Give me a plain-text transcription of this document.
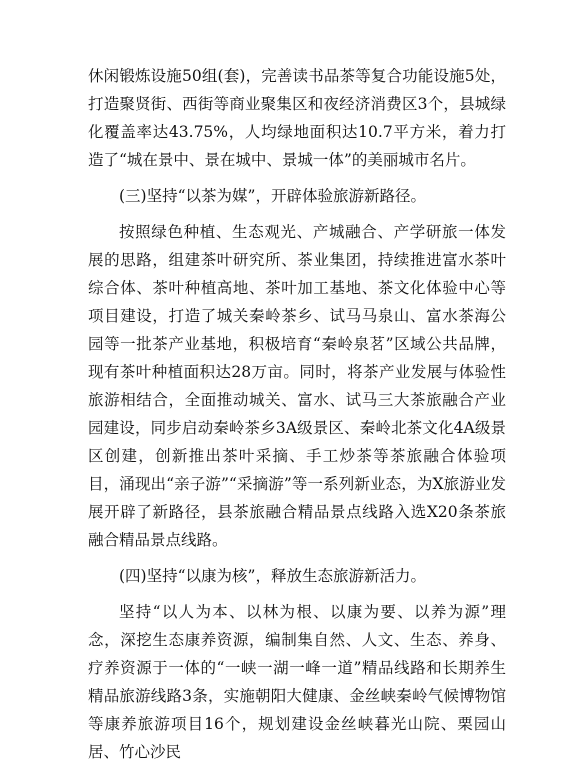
休闲锻炼设施50组(套)，完善读书品茶等复合功能设施5处，打造聚贤街、西街等商业聚集区和夜经济消费区3个，县城绿化覆盖率达43.75%，人均绿地面积达10.7平方米，着力打造了“城在景中、景在城中、景城一体”的美丽城市名片。

(三)坚持“以茶为媒”，开辟体验旅游新路径。

按照绿色种植、生态观光、产城融合、产学研旅一体发展的思路，组建茶叶研究所、茶业集团，持续推进富水茶叶综合体、茶叶种植高地、茶叶加工基地、茶文化体验中心等项目建设，打造了城关秦岭茶乡、试马马泉山、富水茶海公园等一批茶产业基地，积极培育“秦岭泉茗”区域公共品牌，现有茶叶种植面积达28万亩。同时，将茶产业发展与体验性旅游相结合，全面推动城关、富水、试马三大茶旅融合产业园建设，同步启动秦岭茶乡3A级景区、秦岭北茶文化4A级景区创建，创新推出茶叶采摘、手工炒茶等茶旅融合体验项目，涌现出“亲子游”“采摘游”等一系列新业态，为X旅游业发展开辟了新路径，县茶旅融合精品景点线路入选X20条茶旅融合精品景点线路。

(四)坚持“以康为核”，释放生态旅游新活力。

坚持“以人为本、以林为根、以康为要、以养为源”理念，深挖生态康养资源，编制集自然、人文、生态、养身、疗养资源于一体的“一峡一湖一峰一道”精品线路和长期养生精品旅游线路3条，实施朝阳大健康、金丝峡秦岭气候博物馆等康养旅游项目16个，规划建设金丝峡暮光山院、栗园山居、竹心沙民
